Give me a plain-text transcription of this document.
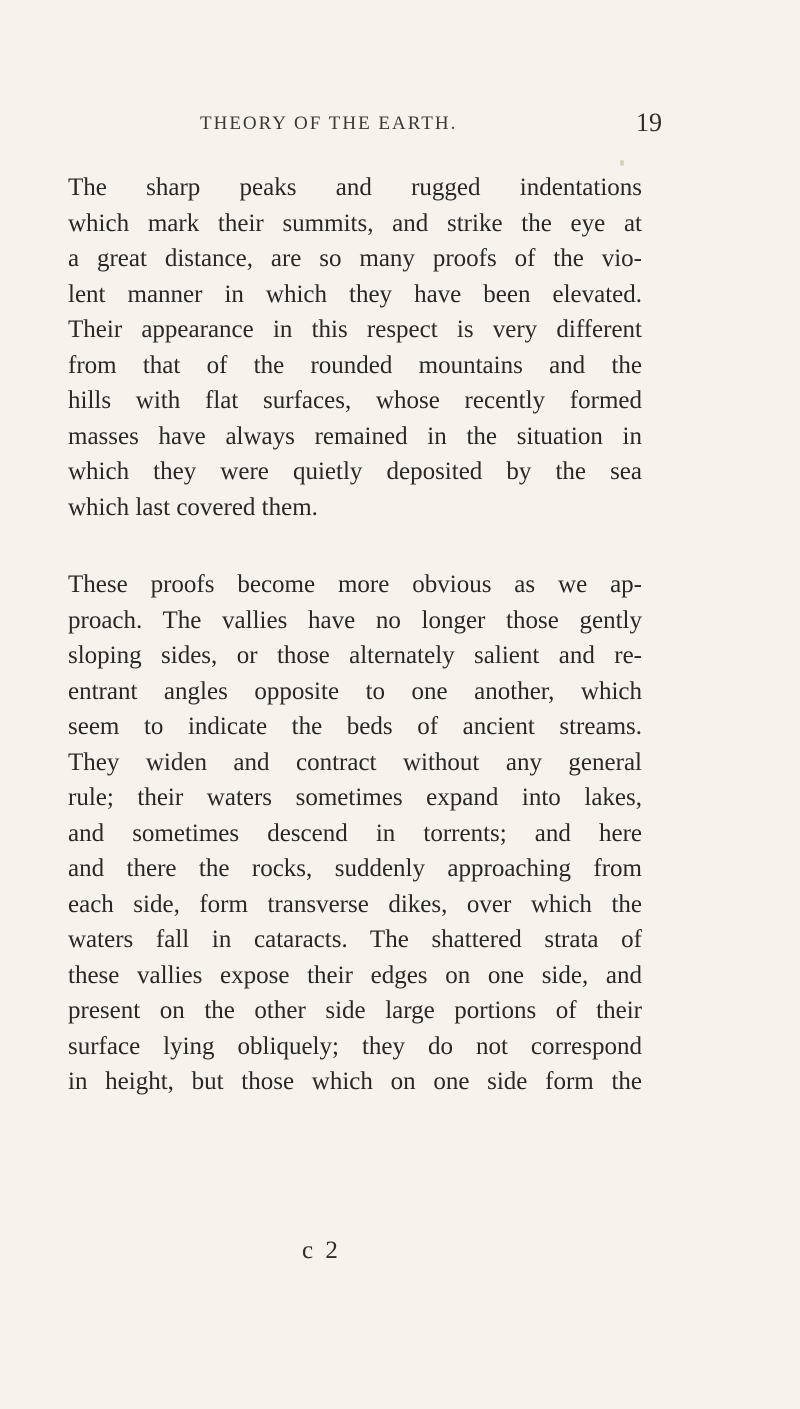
THEORY OF THE EARTH.	19
The sharp peaks and rugged indentations
which mark their summits, and strike the eye at
a great distance, are so many proofs of the vio-
lent manner in which they have been elevated.
Their appearance in this respect is very different
from that of the rounded mountains and the
hills with flat surfaces, whose recently formed
masses have always remained in the situation in
which they were quietly deposited by the sea
which last covered them.
These proofs become more obvious as we ap-
proach. The vallies have no longer those gently
sloping sides, or those alternately salient and re-
entrant angles opposite to one another, which
seem to indicate the beds of ancient streams.
They widen and contract without any general
rule; their waters sometimes expand into lakes,
and sometimes descend in torrents; and here
and there the rocks, suddenly approaching from
each side, form transverse dikes, over which the
waters fall in cataracts. The shattered strata of
these vallies expose their edges on one side, and
present on the other side large portions of their
surface lying obliquely; they do not correspond
in height, but those which on one side form the
c 2
